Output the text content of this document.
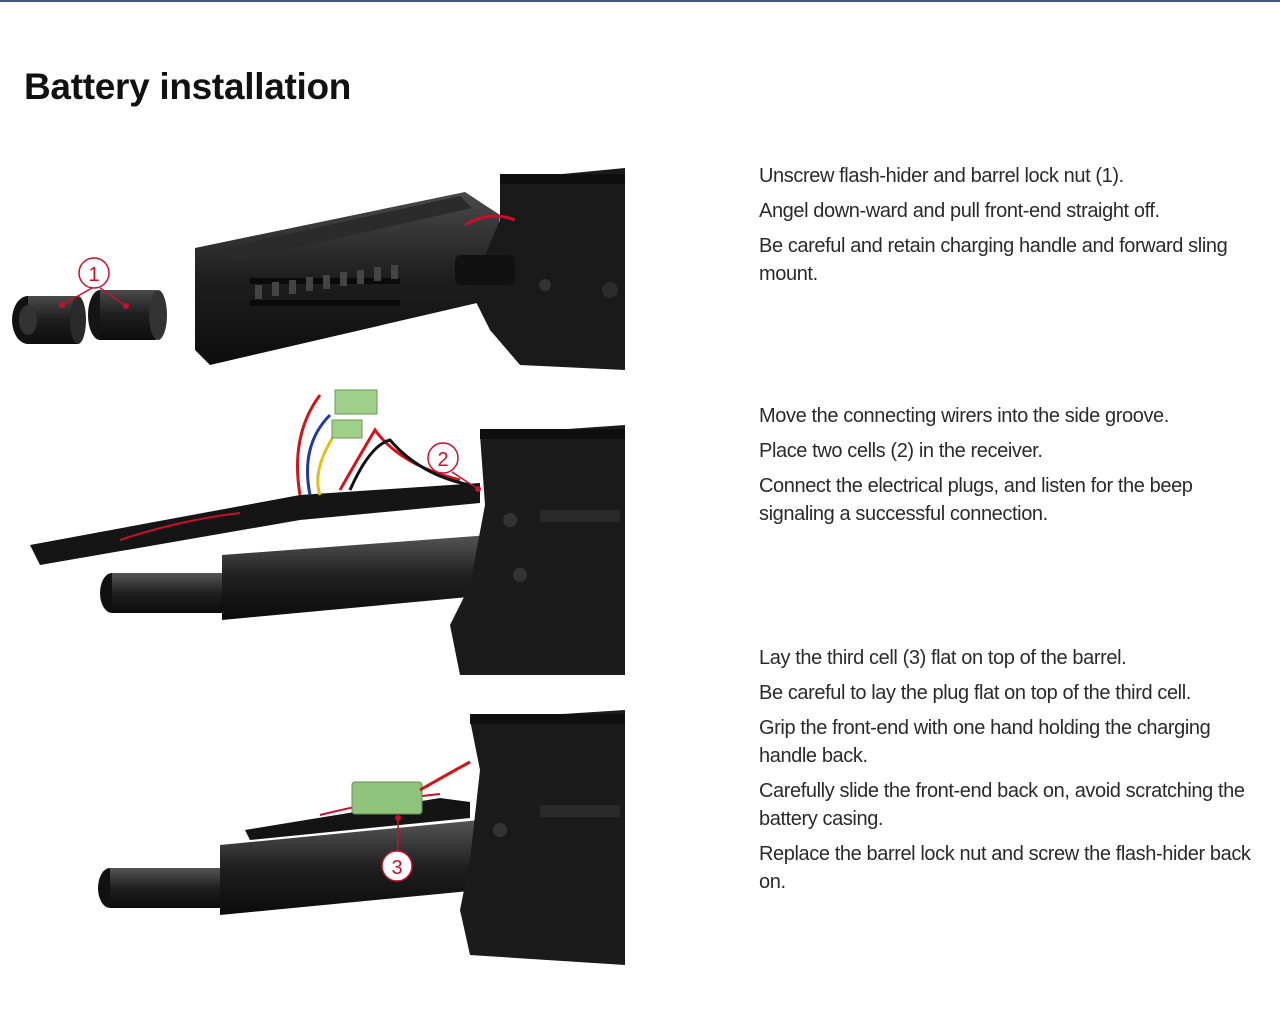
Battery installation
1
2
3
Unscrew flash-hider and barrel lock nut (1).
Angel down-ward and pull front-end straight off.
Be careful and retain charging handle and forward sling mount.
Move the connecting wirers into the side groove.
Place two cells (2) in the receiver.
Connect the electrical plugs, and listen for the beep signaling a successful connection.
Lay the third cell (3) flat on top of the barrel.
Be careful to lay the plug flat on top of the third cell.
Grip the front-end with one hand holding the charging handle back.
Carefully slide the front-end back on, avoid scratching the battery casing.
Replace the barrel lock nut and screw the flash-hider back on.
